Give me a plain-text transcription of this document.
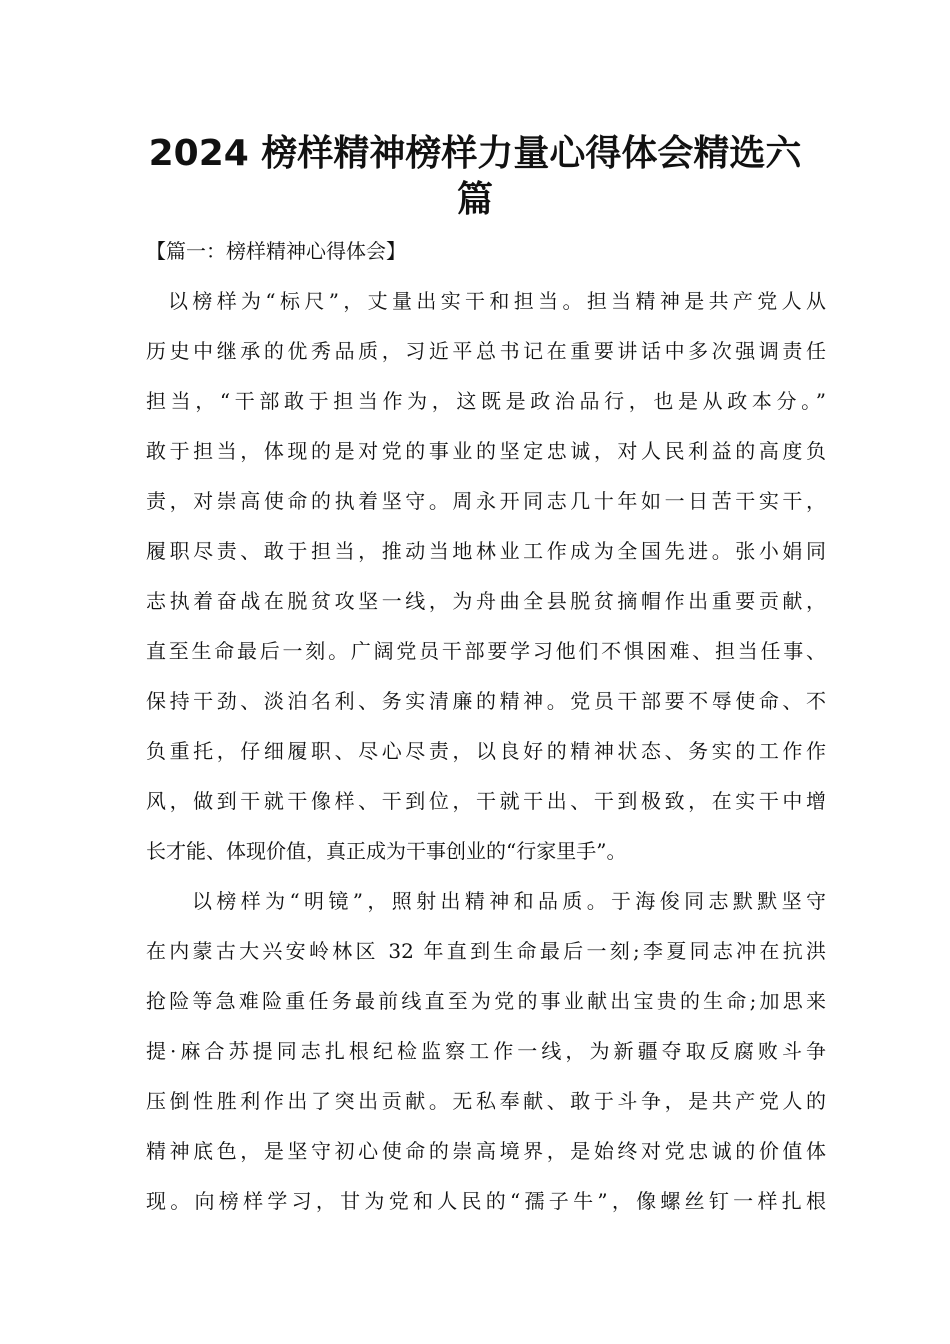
2024 榜样精神榜样力量心得体会精选六
篇

【篇一：榜样精神心得体会】

以榜样为“标尺”，丈量出实干和担当。担当精神是共产党人从

历史中继承的优秀品质，习近平总书记在重要讲话中多次强调责任

担当，“干部敢于担当作为，这既是政治品行，也是从政本分。”

敢于担当，体现的是对党的事业的坚定忠诚，对人民利益的高度负

责，对崇高使命的执着坚守。周永开同志几十年如一日苦干实干，

履职尽责、敢于担当，推动当地林业工作成为全国先进。张小娟同

志执着奋战在脱贫攻坚一线，为舟曲全县脱贫摘帽作出重要贡献，

直至生命最后一刻。广阔党员干部要学习他们不惧困难、担当任事、

保持干劲、淡泊名利、务实清廉的精神。党员干部要不辱使命、不

负重托，仔细履职、尽心尽责，以良好的精神状态、务实的工作作

风，做到干就干像样、干到位，干就干出、干到极致，在实干中增

长才能、体现价值，真正成为干事创业的“行家里手”。

以榜样为“明镜”，照射出精神和品质。于海俊同志默默坚守

在内蒙古大兴安岭林区 32 年直到生命最后一刻;李夏同志冲在抗洪

抢险等急难险重任务最前线直至为党的事业献出宝贵的生命;加思来

提·麻合苏提同志扎根纪检监察工作一线，为新疆夺取反腐败斗争

压倒性胜利作出了突出贡献。无私奉献、敢于斗争，是共产党人的

精神底色，是坚守初心使命的崇高境界，是始终对党忠诚的价值体

现。向榜样学习，甘为党和人民的“孺子牛”，像螺丝钉一样扎根
